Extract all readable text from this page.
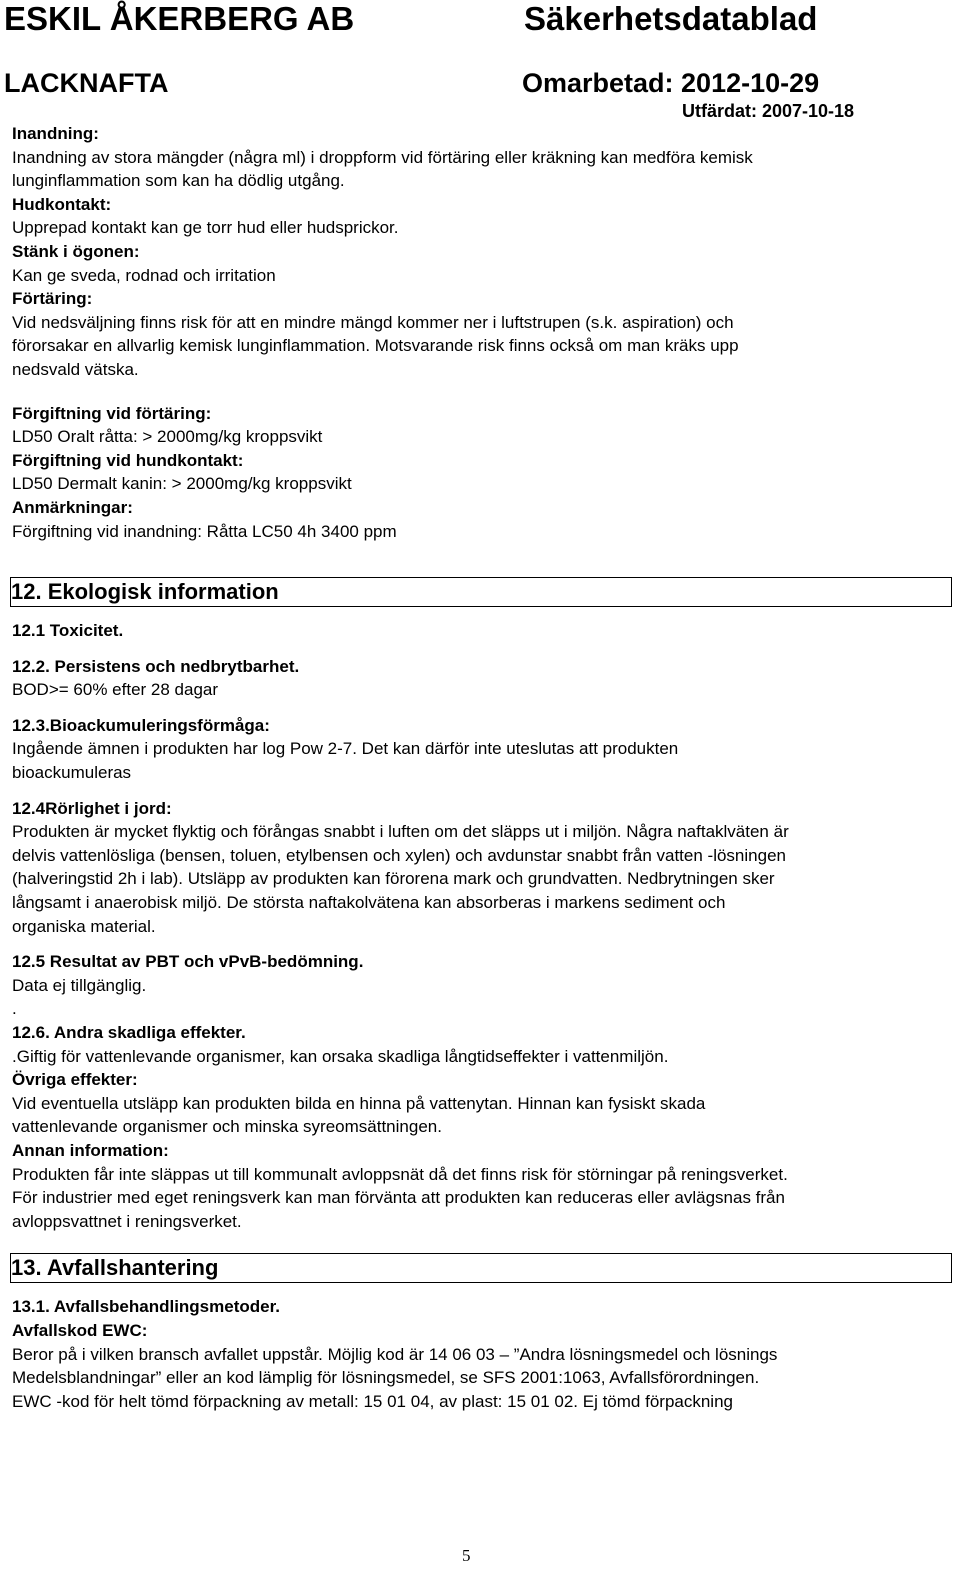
ESKIL ÅKERBERG AB	Säkerhetsdatablad
LACKNAFTA	Omarbetad: 2012-10-29
Utfärdat: 2007-10-18

Inandning:

Inandning av stora mängder (några ml) i droppform vid förtäring eller kräkning kan medföra kemisk

lunginflammation som kan ha dödlig utgång.

Hudkontakt:

Upprepad kontakt kan ge torr hud eller hudsprickor.

Stänk i ögonen:

Kan ge sveda, rodnad och irritation

Förtäring:

Vid nedsväljning finns risk för att en mindre mängd kommer ner i luftstrupen (s.k. aspiration) och

förorsakar en allvarlig kemisk lunginflammation. Motsvarande risk finns också om man kräks upp

nedsvald vätska.

Förgiftning vid förtäring:

LD50 Oralt råtta: > 2000mg/kg kroppsvikt

Förgiftning vid hundkontakt:

LD50 Dermalt kanin: > 2000mg/kg kroppsvikt

Anmärkningar:

Förgiftning vid inandning: Råtta LC50 4h 3400 ppm

12. Ekologisk information

12.1 Toxicitet.

12.2. Persistens och nedbrytbarhet.

BOD>= 60% efter 28 dagar

12.3.Bioackumuleringsförmåga:

Ingående ämnen i produkten har log Pow 2-7. Det kan därför inte uteslutas att produkten

bioackumuleras

12.4Rörlighet i jord:

Produkten är mycket flyktig och förångas snabbt i luften om det släpps ut i miljön. Några naftaklväten är

delvis vattenlösliga (bensen, toluen, etylbensen och xylen) och avdunstar snabbt från vatten -lösningen

(halveringstid 2h i lab). Utsläpp av produkten kan förorena mark och grundvatten. Nedbrytningen sker

långsamt i anaerobisk miljö. De största naftakolvätena kan absorberas i markens sediment och

organiska material.

12.5 Resultat av PBT och vPvB-bedömning.

Data ej tillgänglig.

.

12.6. Andra skadliga effekter.

.Giftig för vattenlevande organismer, kan orsaka skadliga långtidseffekter i vattenmiljön.

Övriga effekter:

Vid eventuella utsläpp kan produkten bilda en hinna på vattenytan. Hinnan kan fysiskt skada

vattenlevande organismer och minska syreomsättningen.

Annan information:

Produkten får inte släppas ut till kommunalt avloppsnät då det finns risk för störningar på reningsverket.

För industrier med eget reningsverk kan man förvänta att produkten kan reduceras eller avlägsnas från

avloppsvattnet i reningsverket.

13. Avfallshantering

13.1. Avfallsbehandlingsmetoder.

Avfallskod EWC:

Beror på i vilken bransch avfallet uppstår. Möjlig kod är 14 06 03 – ”Andra lösningsmedel och lösnings

Medelsblandningar” eller an kod lämplig för lösningsmedel, se SFS 2001:1063, Avfallsförordningen.

EWC -kod för helt tömd förpackning av metall: 15 01 04, av plast: 15 01 02. Ej tömd förpackning

5
